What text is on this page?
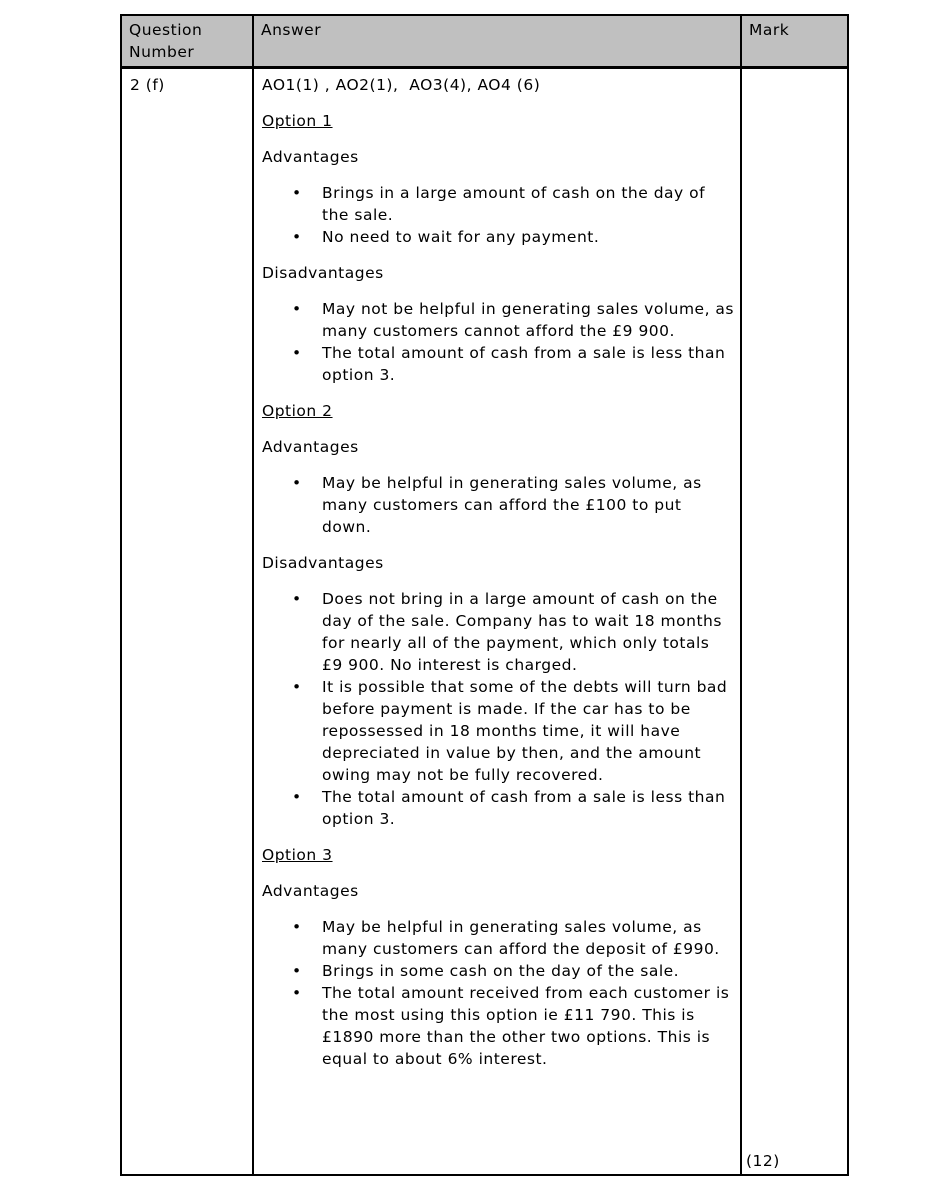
Question Number	Answer	Mark
2 (f)	AO1(1) , AO2(1),  AO3(4), AO4 (6)

Option 1

Advantages

• Brings in a large amount of cash on the day of the sale.
• No need to wait for any payment.

Disadvantages

• May not be helpful in generating sales volume, as many customers cannot afford the £9 900.
• The total amount of cash from a sale is less than option 3.

Option 2

Advantages

• May be helpful in generating sales volume, as many customers can afford the £100 to put down.

Disadvantages

• Does not bring in a large amount of cash on the day of the sale. Company has to wait 18 months for nearly all of the payment, which only totals £9 900. No interest is charged.
• It is possible that some of the debts will turn bad before payment is made. If the car has to be repossessed in 18 months time, it will have depreciated in value by then, and the amount owing may not be fully recovered.
• The total amount of cash from a sale is less than option 3.

Option 3

Advantages

• May be helpful in generating sales volume, as many customers can afford the deposit of £990.
• Brings in some cash on the day of the sale.
• The total amount received from each customer is the most using this option ie £11 790. This is £1890 more than the other two options. This is equal to about 6% interest.
	(12)
